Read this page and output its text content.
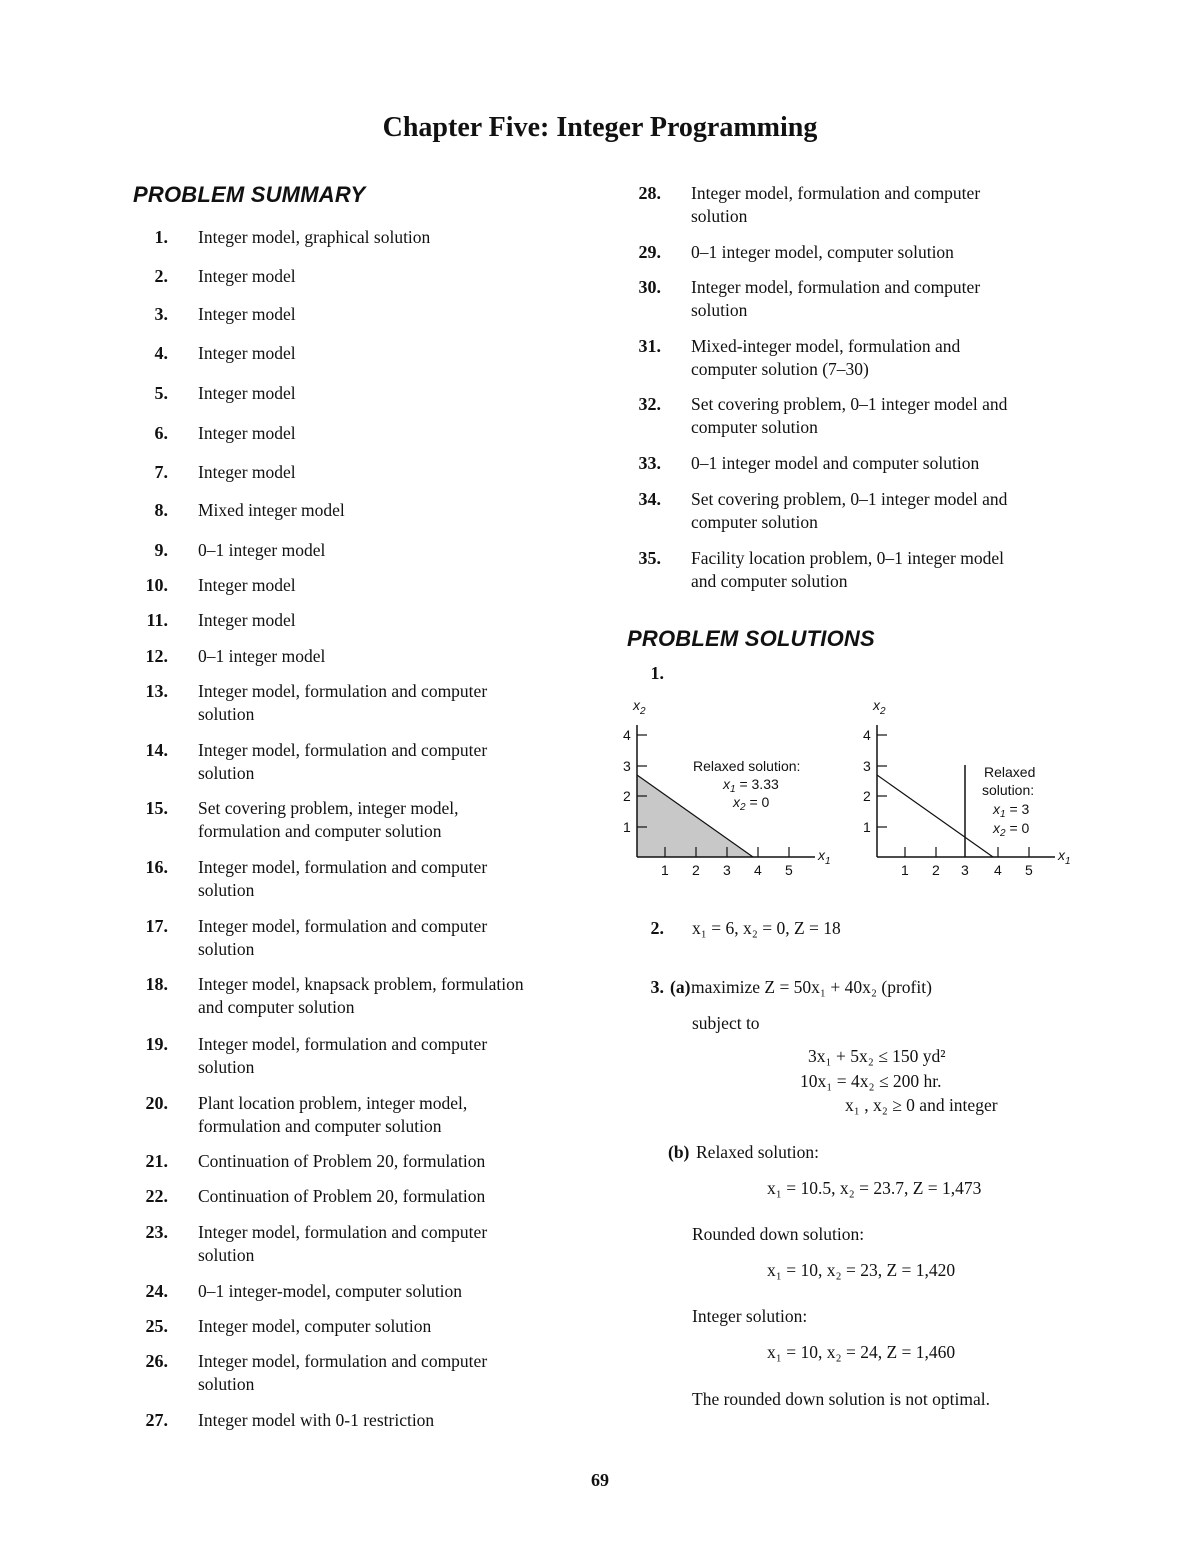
Chapter Five: Integer Programming
PROBLEM SUMMARY
1. Integer model, graphical solution
2. Integer model
3. Integer model
4. Integer model
5. Integer model
6. Integer model
7. Integer model
8. Mixed integer model
9. 0–1 integer model
10. Integer model
11. Integer model
12. 0–1 integer model
13. Integer model, formulation and computer
solution
14. Integer model, formulation and computer
solution
15. Set covering problem, integer model,
formulation and computer solution
16. Integer model, formulation and computer
solution
17. Integer model, formulation and computer
solution
18. Integer model, knapsack problem, formulation
and computer solution
19. Integer model, formulation and computer
solution
20. Plant location problem, integer model,
formulation and computer solution
21. Continuation of Problem 20, formulation
22. Continuation of Problem 20, formulation
23. Integer model, formulation and computer
solution
24. 0–1 integer-model, computer solution
25. Integer model, computer solution
26. Integer model, formulation and computer
solution
27. Integer model with 0-1 restriction
28. Integer model, formulation and computer
solution
29. 0–1 integer model, computer solution
30. Integer model, formulation and computer
solution
31. Mixed-integer model, formulation and
computer solution (7–30)
32. Set covering problem, 0–1 integer model and
computer solution
33. 0–1 integer model and computer solution
34. Set covering problem, 0–1 integer model and
computer solution
35. Facility location problem, 0–1 integer model
and computer solution
PROBLEM SOLUTIONS
1.
$x_2$
1
2
3
4
1 2 3 4 5
$x_1$
Relaxed solution:
$x_1 = 3.33$
$x_2 = 0$
$x_2$
1
2
3
4
1 2 3 4 5
$x_1$
Relaxed
solution:
$x_1 = 3$
$x_2 = 0$
2. x₁ = 6, x₂ = 0, Z = 18
3. (a) maximize Z = 50x₁ + 40x₂ (profit)
subject to
3x₁ + 5x₂ ≤ 150 yd²
10x₁ = 4x₂ ≤ 200 hr.
x₁ , x₂ ≥ 0 and integer
(b) Relaxed solution:
x₁ = 10.5, x₂ = 23.7, Z = 1,473
Rounded down solution:
x₁ = 10, x₂ = 23, Z = 1,420
Integer solution:
x₁ = 10, x₂ = 24, Z = 1,460
The rounded down solution is not optimal.
69
